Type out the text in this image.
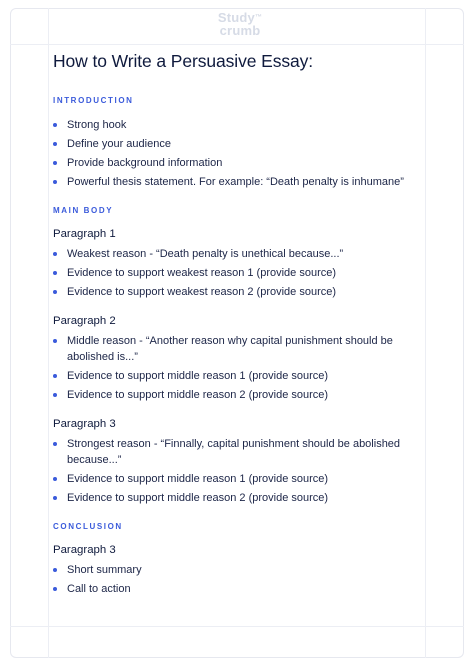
Study™
crumb
How to Write a Persuasive Essay:
INTRODUCTION
Strong hook
Define your audience
Provide background information
Powerful thesis statement. For example: “Death penalty is inhumane”
MAIN BODY
Paragraph 1
Weakest reason - “Death penalty is unethical because...”
Evidence to support weakest reason 1 (provide source)
Evidence to support weakest reason 2 (provide source)
Paragraph 2
Middle reason - “Another reason why capital punishment should be abolished is...”
Evidence to support middle reason 1 (provide source)
Evidence to support middle reason 2 (provide source)
Paragraph 3
Strongest reason - “Finnally, capital punishment should be abolished because...”
Evidence to support middle reason 1 (provide source)
Evidence to support middle reason 2 (provide source)
CONCLUSION
Paragraph 3
Short summary
Call to action
